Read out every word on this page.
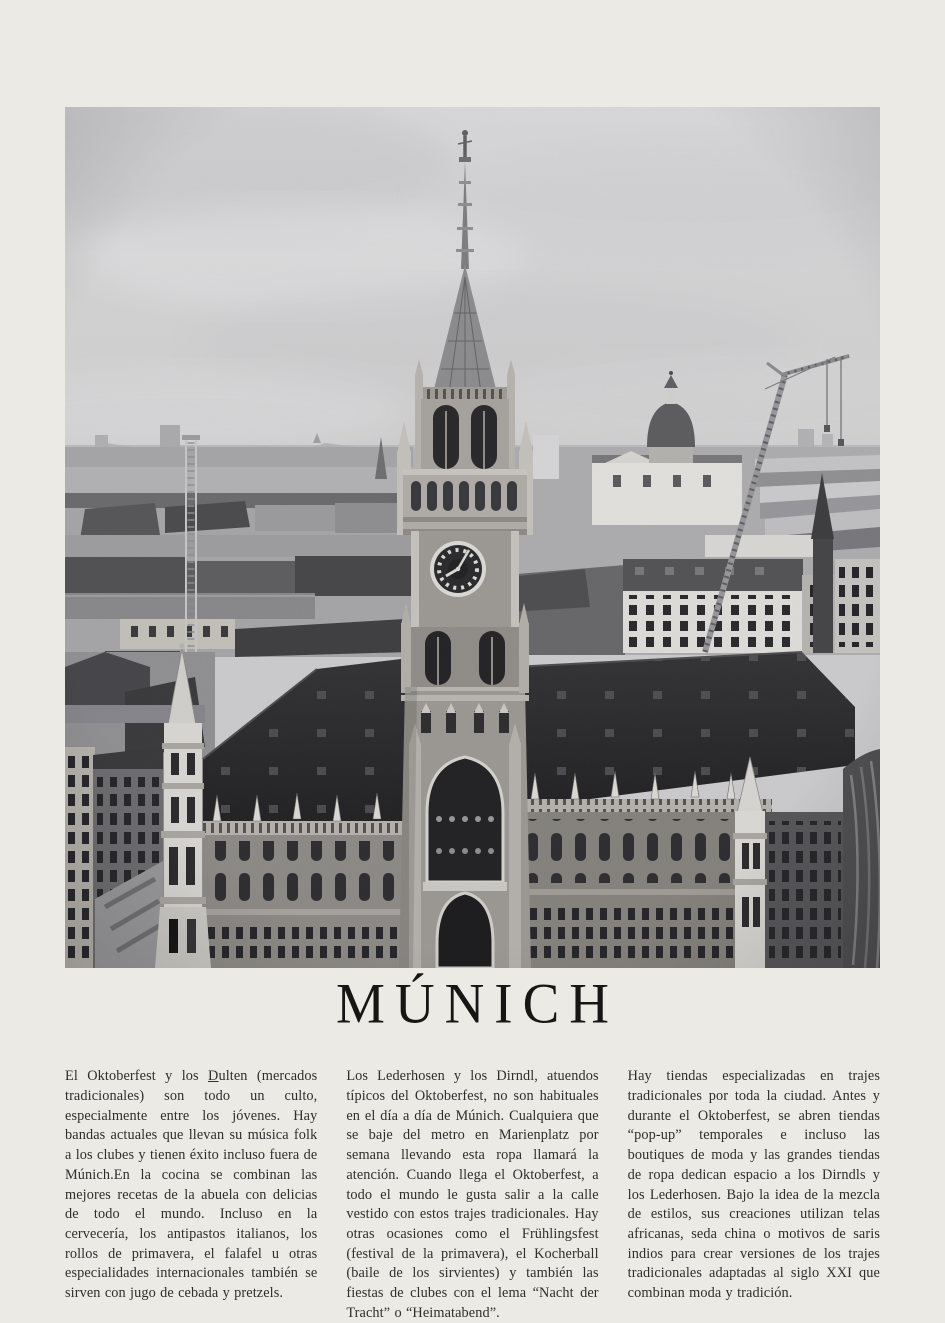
MÚNICH

El Oktoberfest y los Dulten (mercados tradicionales) son todo un culto, especialmente entre los jóvenes. Hay bandas actuales que llevan su música folk a los clubes y tienen éxito incluso fuera de Múnich.En la cocina se combinan las mejores recetas de la abuela con delicias de todo el mundo. Incluso en la cervecería, los antipastos italianos, los rollos de primavera, el falafel u otras especialidades internacionales también se sirven con jugo de cebada y pretzels.

Los Lederhosen y los Dirndl, atuendos típicos del Oktoberfest, no son habituales en el día a día de Múnich. Cualquiera que se baje del metro en Marienplatz por semana llevando esta ropa llamará la atención. Cuando llega el Oktoberfest, a todo el mundo le gusta salir a la calle vestido con estos trajes tradicionales. Hay otras ocasiones como el Frühlingsfest (festival de la primavera), el Kocherball (baile de los sirvientes) y también las fiestas de clubes con el lema “Nacht der Tracht” o “Heimatabend”.

Hay tiendas especializadas en trajes tradicionales por toda la ciudad. Antes y durante el Oktoberfest, se abren tiendas “pop-up” temporales e incluso las boutiques de moda y las grandes tiendas de ropa dedican espacio a los Dirndls y los Lederhosen. Bajo la idea de la mezcla de estilos, sus creaciones utilizan telas africanas, seda china o motivos de saris indios para crear versiones de los trajes tradicionales adaptadas al siglo XXI que combinan moda y tradición.
